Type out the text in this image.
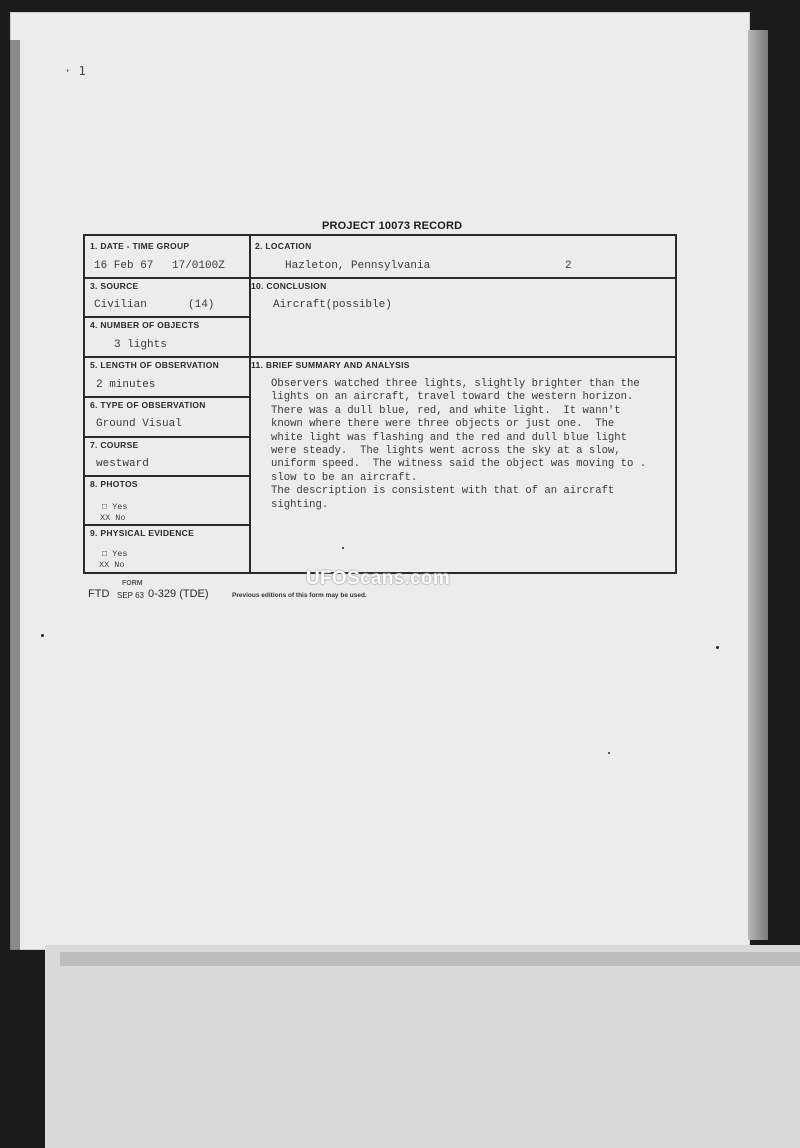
· 1
PROJECT 10073 RECORD
1. DATE - TIME GROUP
16 Feb 67 17/0100Z
2. LOCATION
Hazleton, Pennsylvania	2
3. SOURCE
Civilian	(14)
10. CONCLUSION
Aircraft(possible)
4. NUMBER OF OBJECTS
3 lights
5. LENGTH OF OBSERVATION
2 minutes
11. BRIEF SUMMARY AND ANALYSIS
Observers watched three lights, slightly brighter than the
lights on an aircraft, travel toward the western horizon.
There was a dull blue, red, and white light.  It wann't
known where there were three objects or just one.  The
white light was flashing and the red and dull blue light
were steady.  The lights went across the sky at a slow,
uniform speed.  The witness said the object was moving to .
slow to be an aircraft.
The description is consistent with that of an aircraft
sighting.
6. TYPE OF OBSERVATION
Ground Visual
7. COURSE
westward
8. PHOTOS
□ Yes
XX No
9. PHYSICAL EVIDENCE
□ Yes
XX No
FORM
FTD SEP 63 0-329 (TDE)	Previous editions of this form may be used.
UFOScans.com
